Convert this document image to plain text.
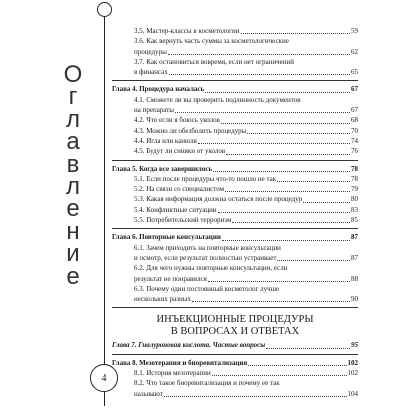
О
г
л
а
в
л
е
н
и
е
4
3.5. Мастер-классы в косметологии	59
3.6. Как вернуть часть суммы за косметологические
процедуры	62
3.7. Как остановиться вовремя, если нет ограничений
в финансах	65
Глава 4. Процедура началась	67
4.1. Сможете ли вы проверить подлинность документов
на препараты	67
4.2. Что если я боюсь уколов	68
4.3. Можно ли обезболить процедуры	70
4.4. Игла или канюля	74
4.5. Будут ли синяки от уколов	76
Глава 5. Когда все завершилось	78
5.1. Если после процедуры что-то пошло не так	78
5.2. На связи со специалистом	79
5.3. Какая информация должна остаться после процедур	80
5.4. Конфликтные ситуации	83
5.5. Потребительский терроризм	85
Глава 6. Повторные консультации	87
6.1. Зачем приходить на повторные консультации
и осмотр, если результат полностью устраивает	87
6.2. Для чего нужны повторные консультации, если
результат не понравился	88
6.3. Почему один постоянный косметолог лучше
нескольких разных	90
ИНЪЕКЦИОННЫЕ ПРОЦЕДУРЫ
В ВОПРОСАХ И ОТВЕТАХ
Глава 7. Гиалуроновая кислота. Частые вопросы	95
Глава 8. Мезотерапия и биоревитализация	102
8.1. История мезотерапии	102
8.2. Что такое биоревитализация и почему ее так
называют	104
